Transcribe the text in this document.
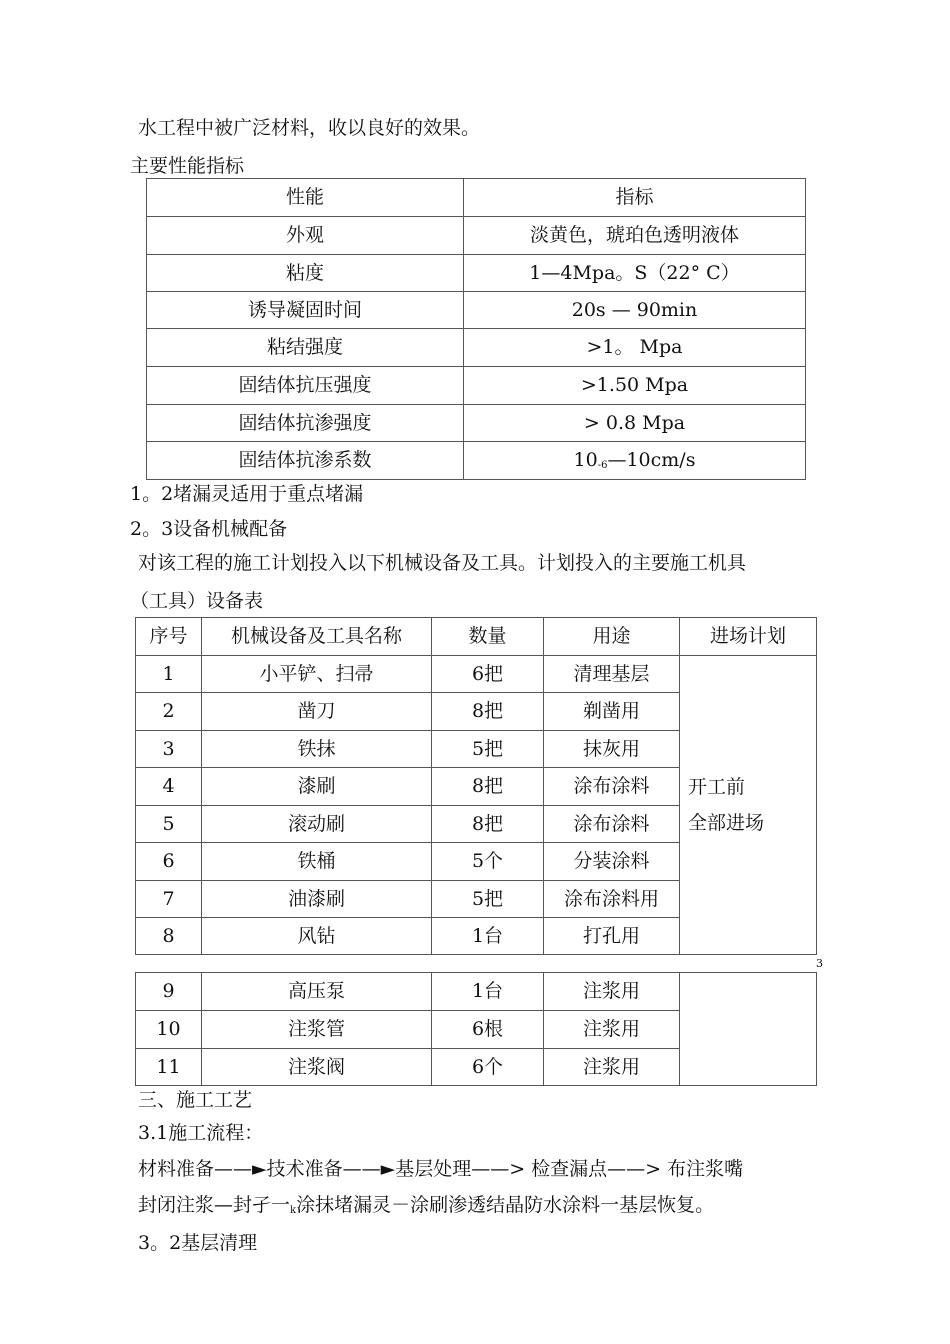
水工程中被广泛材料，收以良好的效果。
主要性能指标
性能	指标
外观	淡黄色，琥珀色透明液体
粘度	1—4Mpa。S（22° C）
诱导凝固时间	20s — 90min
粘结强度	>1。 Mpa
固结体抗压强度	>1.50 Mpa
固结体抗渗强度	> 0.8 Mpa
固结体抗渗系数	$10_{-6}—10cm/s$
1。2堵漏灵适用于重点堵漏
2。3设备机械配备
对该工程的施工计划投入以下机械设备及工具。计划投入的主要施工机具
（工具）设备表
序号	机械设备及工具名称	数量	用途	进场计划
1	小平铲、扫帚	6把	清理基层	开工前
全部进场
2	凿刀	8把	剃凿用	
3	铁抹	5把	抹灰用	
4	漆刷	8把	涂布涂料	
5	滚动刷	8把	涂布涂料	
6	铁桶	5个	分装涂料	
7	油漆刷	5把	涂布涂料用	
8	风钻	1台	打孔用	
3
9	高压泵	1台	注浆用	
10	注浆管	6根	注浆用	
11	注浆阀	6个	注浆用	
三、施工工艺
3.1施工流程：
材料准备——►技术准备——►基层处理——> 检查漏点——> 布注浆嘴
封闭注浆—封孑一$_k$涂抹堵漏灵－涂刷渗透结晶防水涂料一基层恢复。
3。2基层清理
